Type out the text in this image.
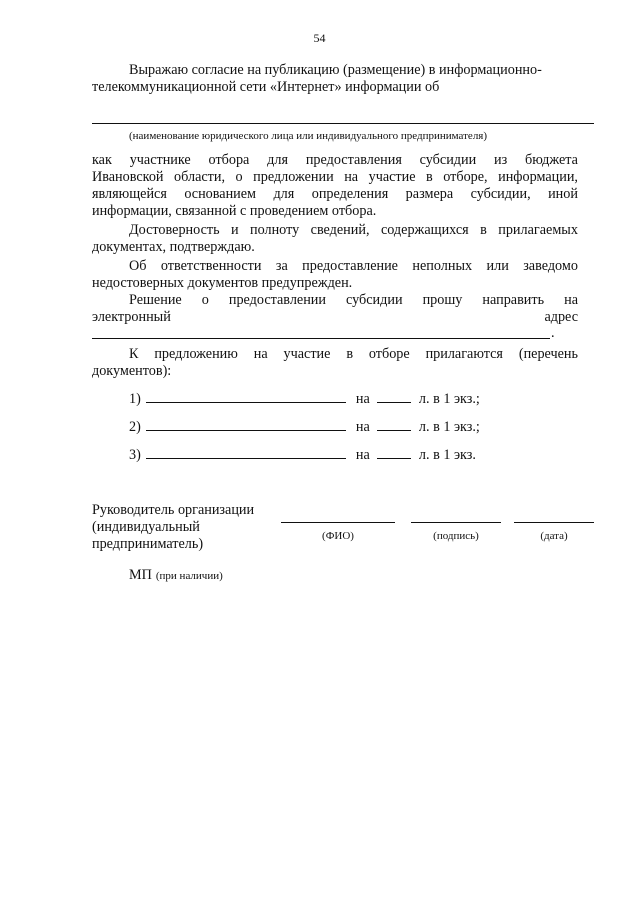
54
Выражаю согласие на публикацию (размещение) в информационно-
телекоммуникационной сети «Интернет» информации об
(наименование юридического лица или индивидуального предпринимателя)
как участнике отбора для предоставления субсидии из бюджета
Ивановской области, о предложении на участие в отборе, информации,
являющейся основанием для определения размера субсидии, иной
информации, связанной с проведением отбора.
Достоверность и полноту сведений, содержащихся в прилагаемых
документах, подтверждаю.
Об ответственности за предоставление неполных или заведомо
недостоверных документов предупрежден.
Решение о предоставлении субсидии прошу направить на
электронный	адрес
.
К предложению на участие в отборе прилагаются (перечень
документов):
1)	на	л. в 1 экз.;
2)	на	л. в 1 экз.;
3)	на	л. в 1 экз.
Руководитель организации
(индивидуальный
предприниматель)	(ФИО)	(подпись)	(дата)
МП (при наличии)
